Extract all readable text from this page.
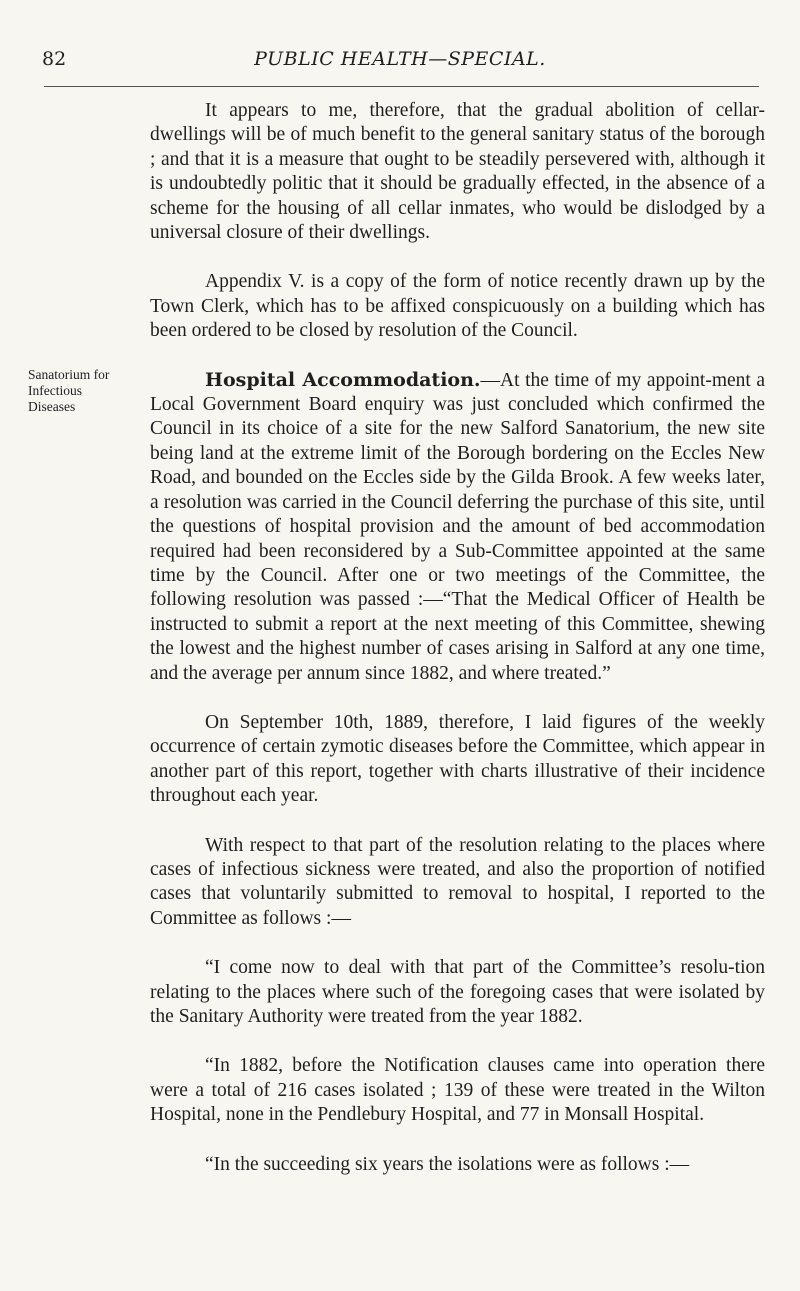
82	PUBLIC HEALTH—SPECIAL.
Sanatorium for
Infectious
Diseases

It appears to me, therefore, that the gradual abolition of cellar-dwellings will be of much benefit to the general sanitary status of the borough ; and that it is a measure that ought to be steadily persevered with, although it is undoubtedly politic that it should be gradually effected, in the absence of a scheme for the housing of all cellar inmates, who would be dislodged by a universal closure of their dwellings.

Appendix V. is a copy of the form of notice recently drawn up by the Town Clerk, which has to be affixed conspicuously on a building which has been ordered to be closed by resolution of the Council.

Hospital Accommodation.—At the time of my appoint-ment a Local Government Board enquiry was just concluded which confirmed the Council in its choice of a site for the new Salford Sanatorium, the new site being land at the extreme limit of the Borough bordering on the Eccles New Road, and bounded on the Eccles side by the Gilda Brook. A few weeks later, a resolution was carried in the Council deferring the purchase of this site, until the questions of hospital provision and the amount of bed accommodation required had been reconsidered by a Sub-Committee appointed at the same time by the Council. After one or two meetings of the Committee, the following resolution was passed :—“That the Medical Officer of Health be instructed to submit a report at the next meeting of this Committee, shewing the lowest and the highest number of cases arising in Salford at any one time, and the average per annum since 1882, and where treated.”

On September 10th, 1889, therefore, I laid figures of the weekly occurrence of certain zymotic diseases before the Committee, which appear in another part of this report, together with charts illustrative of their incidence throughout each year.

With respect to that part of the resolution relating to the places where cases of infectious sickness were treated, and also the proportion of notified cases that voluntarily submitted to removal to hospital, I reported to the Committee as follows :—

“I come now to deal with that part of the Committee’s resolu-tion relating to the places where such of the foregoing cases that were isolated by the Sanitary Authority were treated from the year 1882.

“In 1882, before the Notification clauses came into operation there were a total of 216 cases isolated ; 139 of these were treated in the Wilton Hospital, none in the Pendlebury Hospital, and 77 in Monsall Hospital.

“In the succeeding six years the isolations were as follows :—
